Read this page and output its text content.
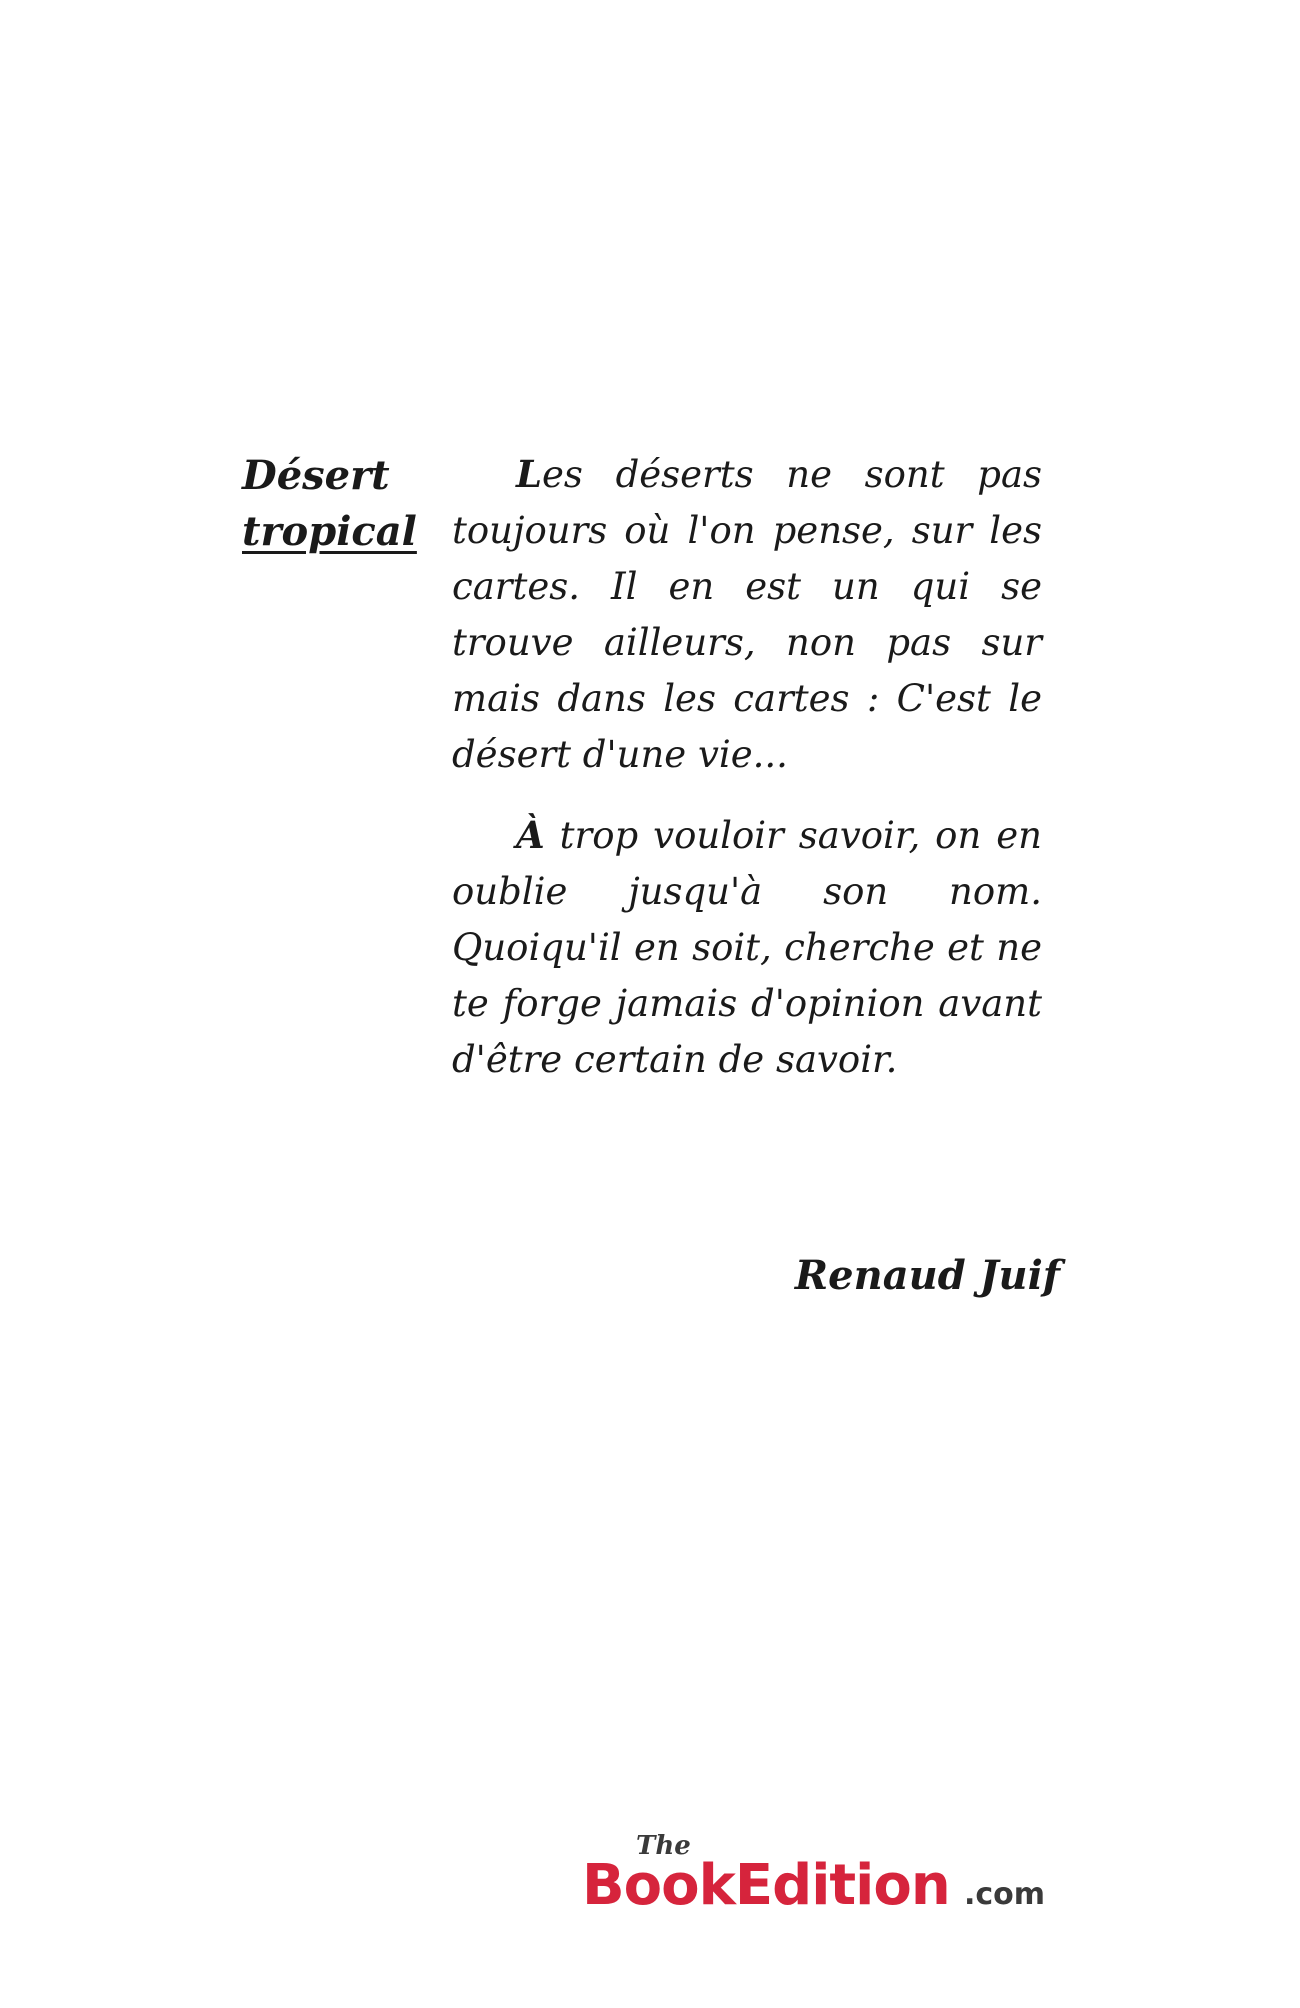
Désert
tropical

Les déserts ne sont pas toujours où l'on pense, sur les cartes. Il en est un qui se trouve ailleurs, non pas sur mais dans les cartes : C'est le désert d'une vie...

À trop vouloir savoir, on en oublie jusqu'à son nom. Quoiqu'il en soit, cherche et ne te forge jamais d'opinion avant d'être certain de savoir.

Renaud Juif
The
BookEdition .com
